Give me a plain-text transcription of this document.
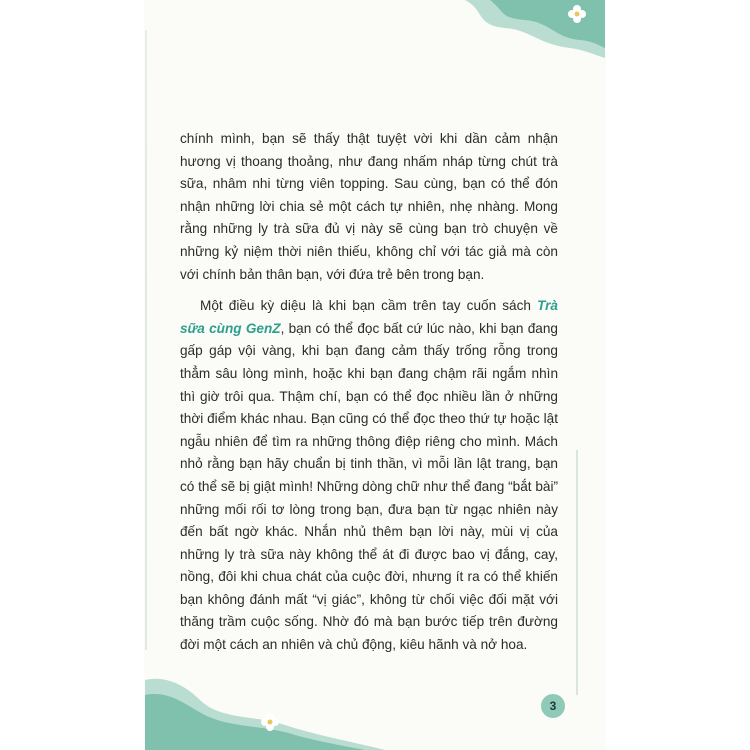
chính mình, bạn sẽ thấy thật tuyệt vời khi dần cảm nhận hương vị thoang thoảng, như đang nhấm nháp từng chút trà sữa, nhâm nhi từng viên topping. Sau cùng, bạn có thể đón nhận những lời chia sẻ một cách tự nhiên, nhẹ nhàng. Mong rằng những ly trà sữa đủ vị này sẽ cùng bạn trò chuyện về những kỷ niệm thời niên thiếu, không chỉ với tác giả mà còn với chính bản thân bạn, với đứa trẻ bên trong bạn.

Một điều kỳ diệu là khi bạn cầm trên tay cuốn sách Trà sữa cùng GenZ, bạn có thể đọc bất cứ lúc nào, khi bạn đang gấp gáp vội vàng, khi bạn đang cảm thấy trống rỗng trong thẳm sâu lòng mình, hoặc khi bạn đang chậm rãi ngắm nhìn thì giờ trôi qua. Thậm chí, bạn có thể đọc nhiều lần ở những thời điểm khác nhau. Bạn cũng có thể đọc theo thứ tự hoặc lật ngẫu nhiên để tìm ra những thông điệp riêng cho mình. Mách nhỏ rằng bạn hãy chuẩn bị tinh thần, vì mỗi lần lật trang, bạn có thể sẽ bị giật mình! Những dòng chữ như thể đang “bắt bài” những mối rối tơ lòng trong bạn, đưa bạn từ ngạc nhiên này đến bất ngờ khác. Nhắn nhủ thêm bạn lời này, mùi vị của những ly trà sữa này không thể át đi được bao vị đắng, cay, nồng, đôi khi chua chát của cuộc đời, nhưng ít ra có thể khiến bạn không đánh mất “vị giác”, không từ chối việc đối mặt với thăng trầm cuộc sống. Nhờ đó mà bạn bước tiếp trên đường đời một cách an nhiên và chủ động, kiêu hãnh và nở hoa.

3
